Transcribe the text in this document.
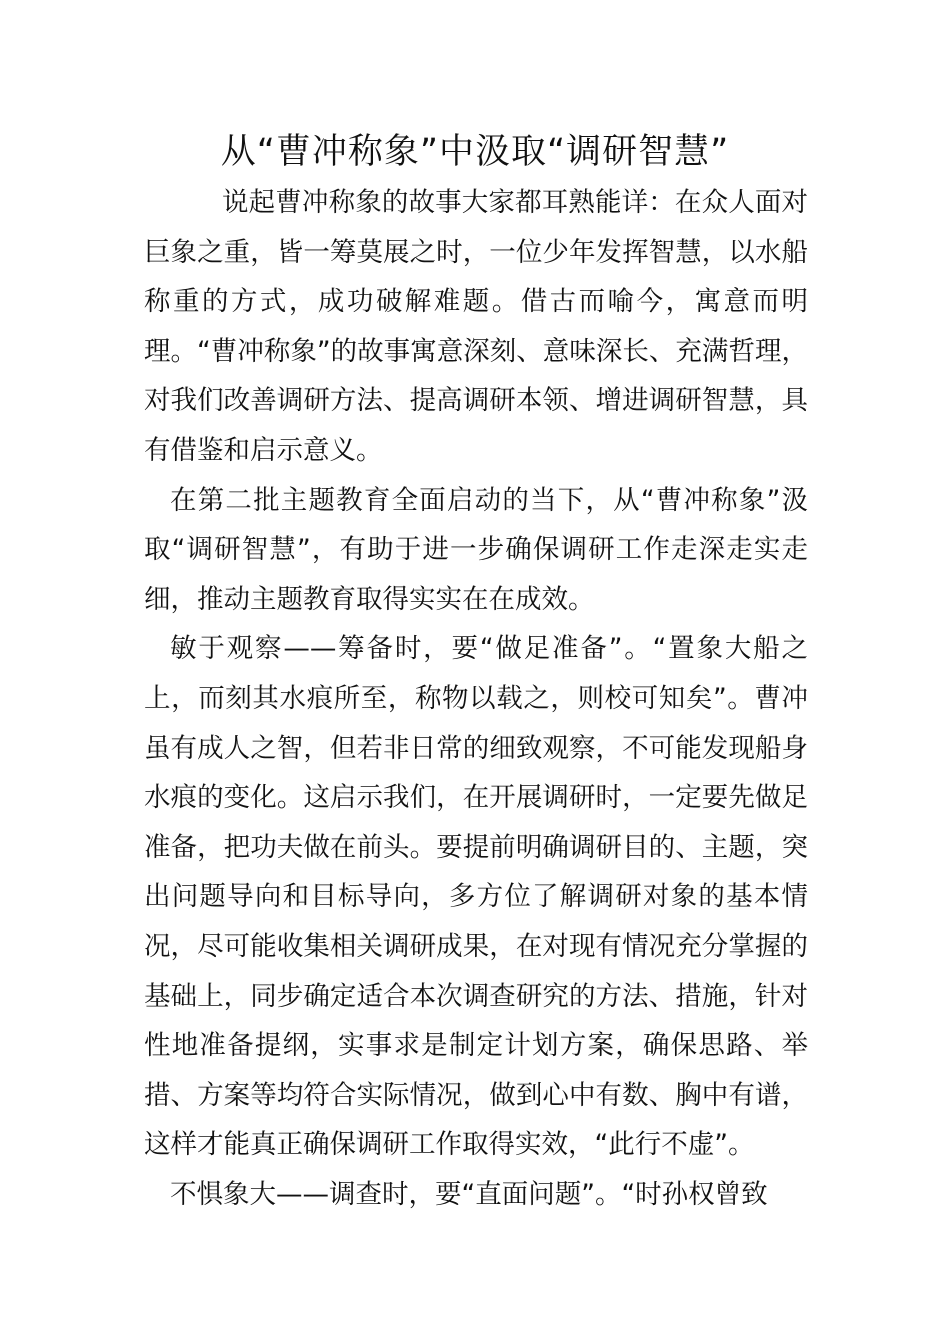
从“曹冲称象”中汲取“调研智慧”

说起曹冲称象的故事大家都耳熟能详：在众人面对巨象之重，皆一筹莫展之时，一位少年发挥智慧，以水船称重的方式，成功破解难题。借古而喻今，寓意而明理。“曹冲称象”的故事寓意深刻、意味深长、充满哲理，对我们改善调研方法、提高调研本领、增进调研智慧，具有借鉴和启示意义。

在第二批主题教育全面启动的当下，从“曹冲称象”汲取“调研智慧”，有助于进一步确保调研工作走深走实走细，推动主题教育取得实实在在成效。

敏于观察——筹备时，要“做足准备”。“置象大船之上，而刻其水痕所至，称物以载之，则校可知矣”。曹冲虽有成人之智，但若非日常的细致观察，不可能发现船身水痕的变化。这启示我们，在开展调研时，一定要先做足准备，把功夫做在前头。要提前明确调研目的、主题，突出问题导向和目标导向，多方位了解调研对象的基本情况，尽可能收集相关调研成果，在对现有情况充分掌握的基础上，同步确定适合本次调查研究的方法、措施，针对性地准备提纲，实事求是制定计划方案，确保思路、举措、方案等均符合实际情况，做到心中有数、胸中有谱，这样才能真正确保调研工作取得实效，“此行不虚”。

不惧象大——调查时，要“直面问题”。“时孙权曾致
